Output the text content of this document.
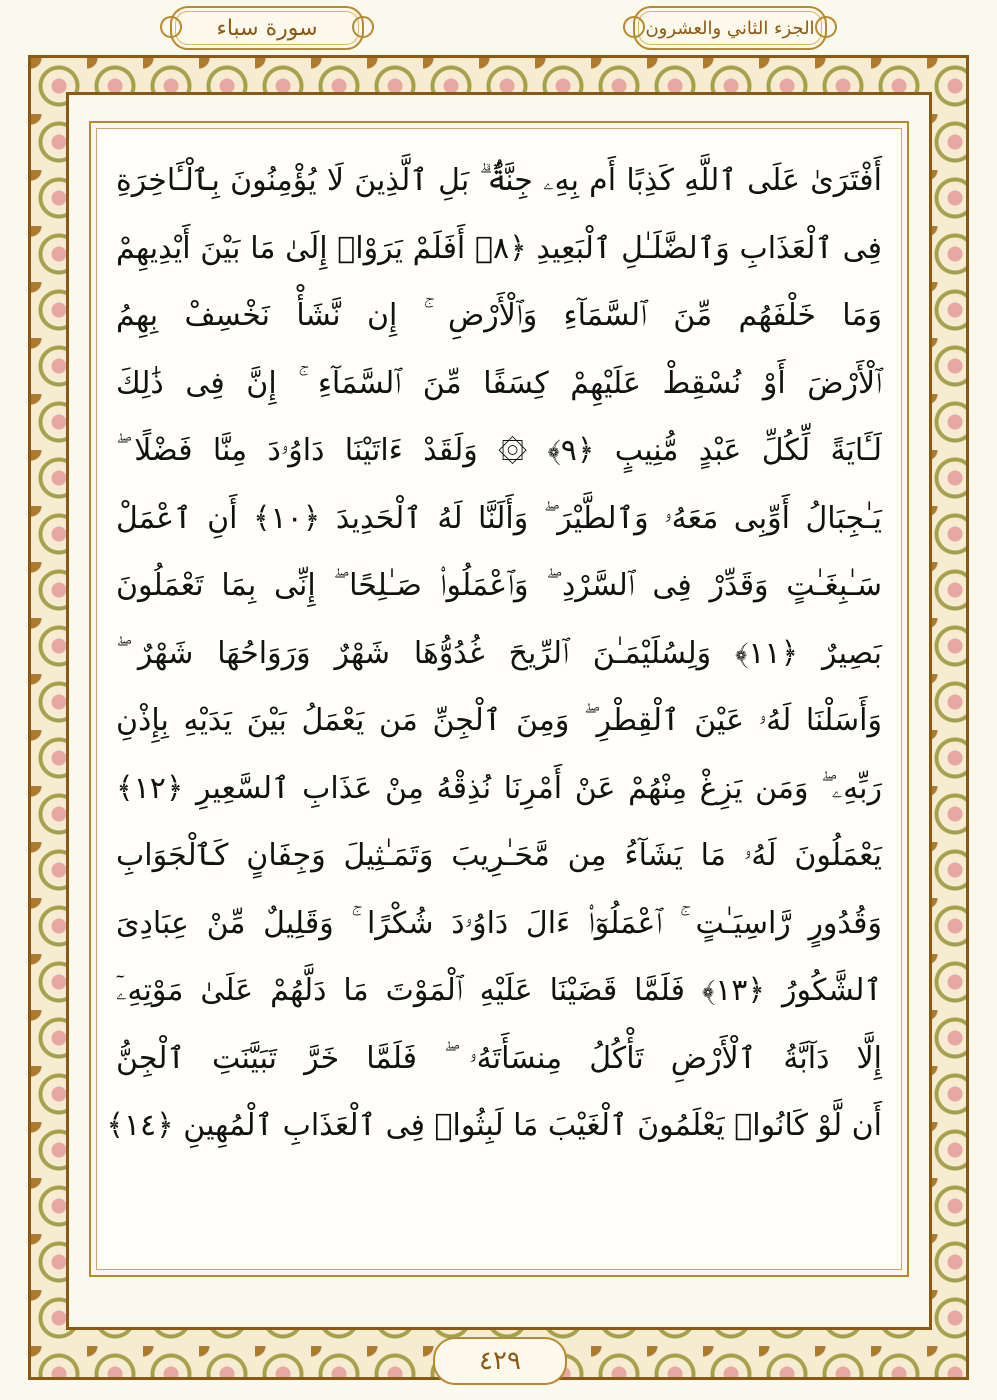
سورة سباء	الجزء الثاني والعشرون
أَفْتَرَىٰ عَلَى ٱللَّهِ كَذِبًا أَم بِهِۦ جِنَّةٌۢ ۗ بَلِ ٱلَّذِينَ لَا يُؤْمِنُونَ بِٱلْـَٔاخِرَةِ
فِى ٱلْعَذَابِ وَٱلضَّلَـٰلِ ٱلْبَعِيدِ ﴿٨﴾ أَفَلَمْ يَرَوْا۟ إِلَىٰ مَا بَيْنَ أَيْدِيهِمْ
وَمَا خَلْفَهُم مِّنَ ٱلسَّمَآءِ وَٱلْأَرْضِ ۚ إِن نَّشَأْ نَخْسِفْ بِهِمُ
ٱلْأَرْضَ أَوْ نُسْقِطْ عَلَيْهِمْ كِسَفًا مِّنَ ٱلسَّمَآءِ ۚ إِنَّ فِى ذَٰلِكَ
لَـَٔايَةً لِّكُلِّ عَبْدٍ مُّنِيبٍ ﴿٩﴾ ۞ وَلَقَدْ ءَاتَيْنَا دَاوُۥدَ مِنَّا فَضْلًا ۖ
يَـٰجِبَالُ أَوِّبِى مَعَهُۥ وَٱلطَّيْرَ ۖ وَأَلَنَّا لَهُ ٱلْحَدِيدَ ﴿١٠﴾ أَنِ ٱعْمَلْ
سَـٰبِغَـٰتٍ وَقَدِّرْ فِى ٱلسَّرْدِ ۖ وَٱعْمَلُوا۟ صَـٰلِحًا ۖ إِنِّى بِمَا تَعْمَلُونَ
بَصِيرٌ ﴿١١﴾ وَلِسُلَيْمَـٰنَ ٱلرِّيحَ غُدُوُّهَا شَهْرٌ وَرَوَاحُهَا شَهْرٌ ۖ
وَأَسَلْنَا لَهُۥ عَيْنَ ٱلْقِطْرِ ۖ وَمِنَ ٱلْجِنِّ مَن يَعْمَلُ بَيْنَ يَدَيْهِ بِإِذْنِ
رَبِّهِۦ ۖ وَمَن يَزِغْ مِنْهُمْ عَنْ أَمْرِنَا نُذِقْهُ مِنْ عَذَابِ ٱلسَّعِيرِ ﴿١٢﴾
يَعْمَلُونَ لَهُۥ مَا يَشَآءُ مِن مَّحَـٰرِيبَ وَتَمَـٰثِيلَ وَجِفَانٍ كَٱلْجَوَابِ
وَقُدُورٍ رَّاسِيَـٰتٍ ۚ ٱعْمَلُوٓا۟ ءَالَ دَاوُۥدَ شُكْرًا ۚ وَقَلِيلٌ مِّنْ عِبَادِىَ
ٱلشَّكُورُ ﴿١٣﴾ فَلَمَّا قَضَيْنَا عَلَيْهِ ٱلْمَوْتَ مَا دَلَّهُمْ عَلَىٰ مَوْتِهِۦٓ
إِلَّا دَآبَّةُ ٱلْأَرْضِ تَأْكُلُ مِنسَأَتَهُۥ ۖ فَلَمَّا خَرَّ تَبَيَّنَتِ ٱلْجِنُّ
أَن لَّوْ كَانُوا۟ يَعْلَمُونَ ٱلْغَيْبَ مَا لَبِثُوا۟ فِى ٱلْعَذَابِ ٱلْمُهِينِ ﴿١٤﴾
٤٢٩
